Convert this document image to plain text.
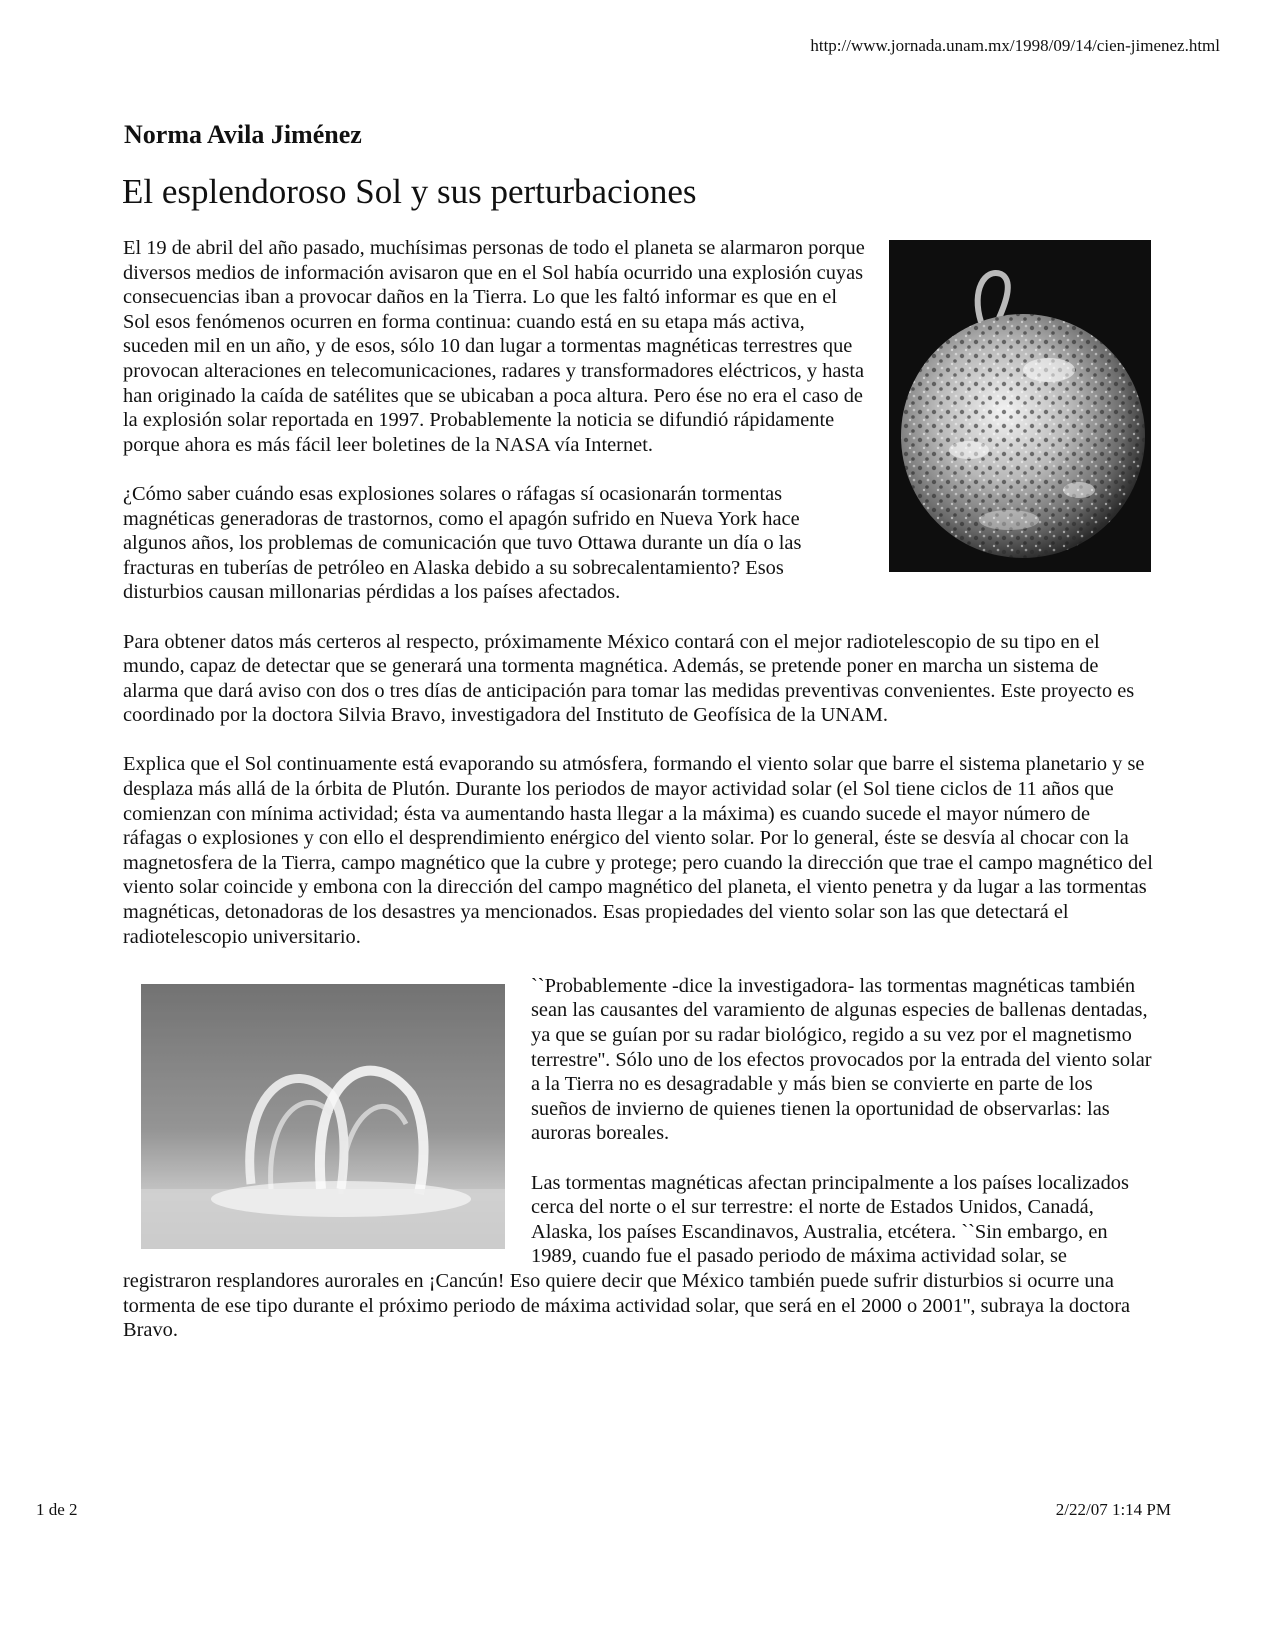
http://www.jornada.unam.mx/1998/09/14/cien-jimenez.html
Norma Avila Jiménez
El esplendoroso Sol y sus perturbaciones

El 19 de abril del año pasado, muchísimas personas de todo el planeta se alarmaron porque diversos medios de información avisaron que en el Sol había ocurrido una explosión cuyas consecuencias iban a provocar daños en la Tierra. Lo que les faltó informar es que en el Sol esos fenómenos ocurren en forma continua: cuando está en su etapa más activa, suceden mil en un año, y de esos, sólo 10 dan lugar a tormentas magnéticas terrestres que provocan alteraciones en telecomunicaciones, radares y transformadores eléctricos, y hasta han originado la caída de satélites que se ubicaban a poca altura. Pero ése no era el caso de la explosión solar reportada en 1997. Probablemente la noticia se difundió rápidamente porque ahora es más fácil leer boletines de la NASA vía Internet.

¿Cómo saber cuándo esas explosiones solares o ráfagas sí ocasionarán tormentas magnéticas generadoras de trastornos, como el apagón sufrido en Nueva York hace algunos años, los problemas de comunicación que tuvo Ottawa durante un día o las fracturas en tuberías de petróleo en Alaska debido a su sobrecalentamiento? Esos disturbios causan millonarias pérdidas a los países afectados.

Para obtener datos más certeros al respecto, próximamente México contará con el mejor radiotelescopio de su tipo en el mundo, capaz de detectar que se generará una tormenta magnética. Además, se pretende poner en marcha un sistema de alarma que dará aviso con dos o tres días de anticipación para tomar las medidas preventivas convenientes. Este proyecto es coordinado por la doctora Silvia Bravo, investigadora del Instituto de Geofísica de la UNAM.

Explica que el Sol continuamente está evaporando su atmósfera, formando el viento solar que barre el sistema planetario y se desplaza más allá de la órbita de Plutón. Durante los periodos de mayor actividad solar (el Sol tiene ciclos de 11 años que comienzan con mínima actividad; ésta va aumentando hasta llegar a la máxima) es cuando sucede el mayor número de ráfagas o explosiones y con ello el desprendimiento enérgico del viento solar. Por lo general, éste se desvía al chocar con la magnetosfera de la Tierra, campo magnético que la cubre y protege; pero cuando la dirección que trae el campo magnético del viento solar coincide y embona con la dirección del campo magnético del planeta, el viento penetra y da lugar a las tormentas magnéticas, detonadoras de los desastres ya mencionados. Esas propiedades del viento solar son las que detectará el radiotelescopio universitario.

``Probablemente -dice la investigadora- las tormentas magnéticas también sean las causantes del varamiento de algunas especies de ballenas dentadas, ya que se guían por su radar biológico, regido a su vez por el magnetismo terrestre''. Sólo uno de los efectos provocados por la entrada del viento solar a la Tierra no es desagradable y más bien se convierte en parte de los sueños de invierno de quienes tienen la oportunidad de observarlas: las auroras boreales.

Las tormentas magnéticas afectan principalmente a los países localizados cerca del norte o el sur terrestre: el norte de Estados Unidos, Canadá, Alaska, los países Escandinavos, Australia, etcétera. ``Sin embargo, en 1989, cuando fue el pasado periodo de máxima actividad solar, se registraron resplandores aurorales en ¡Cancún! Eso quiere decir que México también puede sufrir disturbios si ocurre una tormenta de ese tipo durante el próximo periodo de máxima actividad solar, que será en el 2000 o 2001'', subraya la doctora Bravo.

1 de 2	2/22/07 1:14 PM
